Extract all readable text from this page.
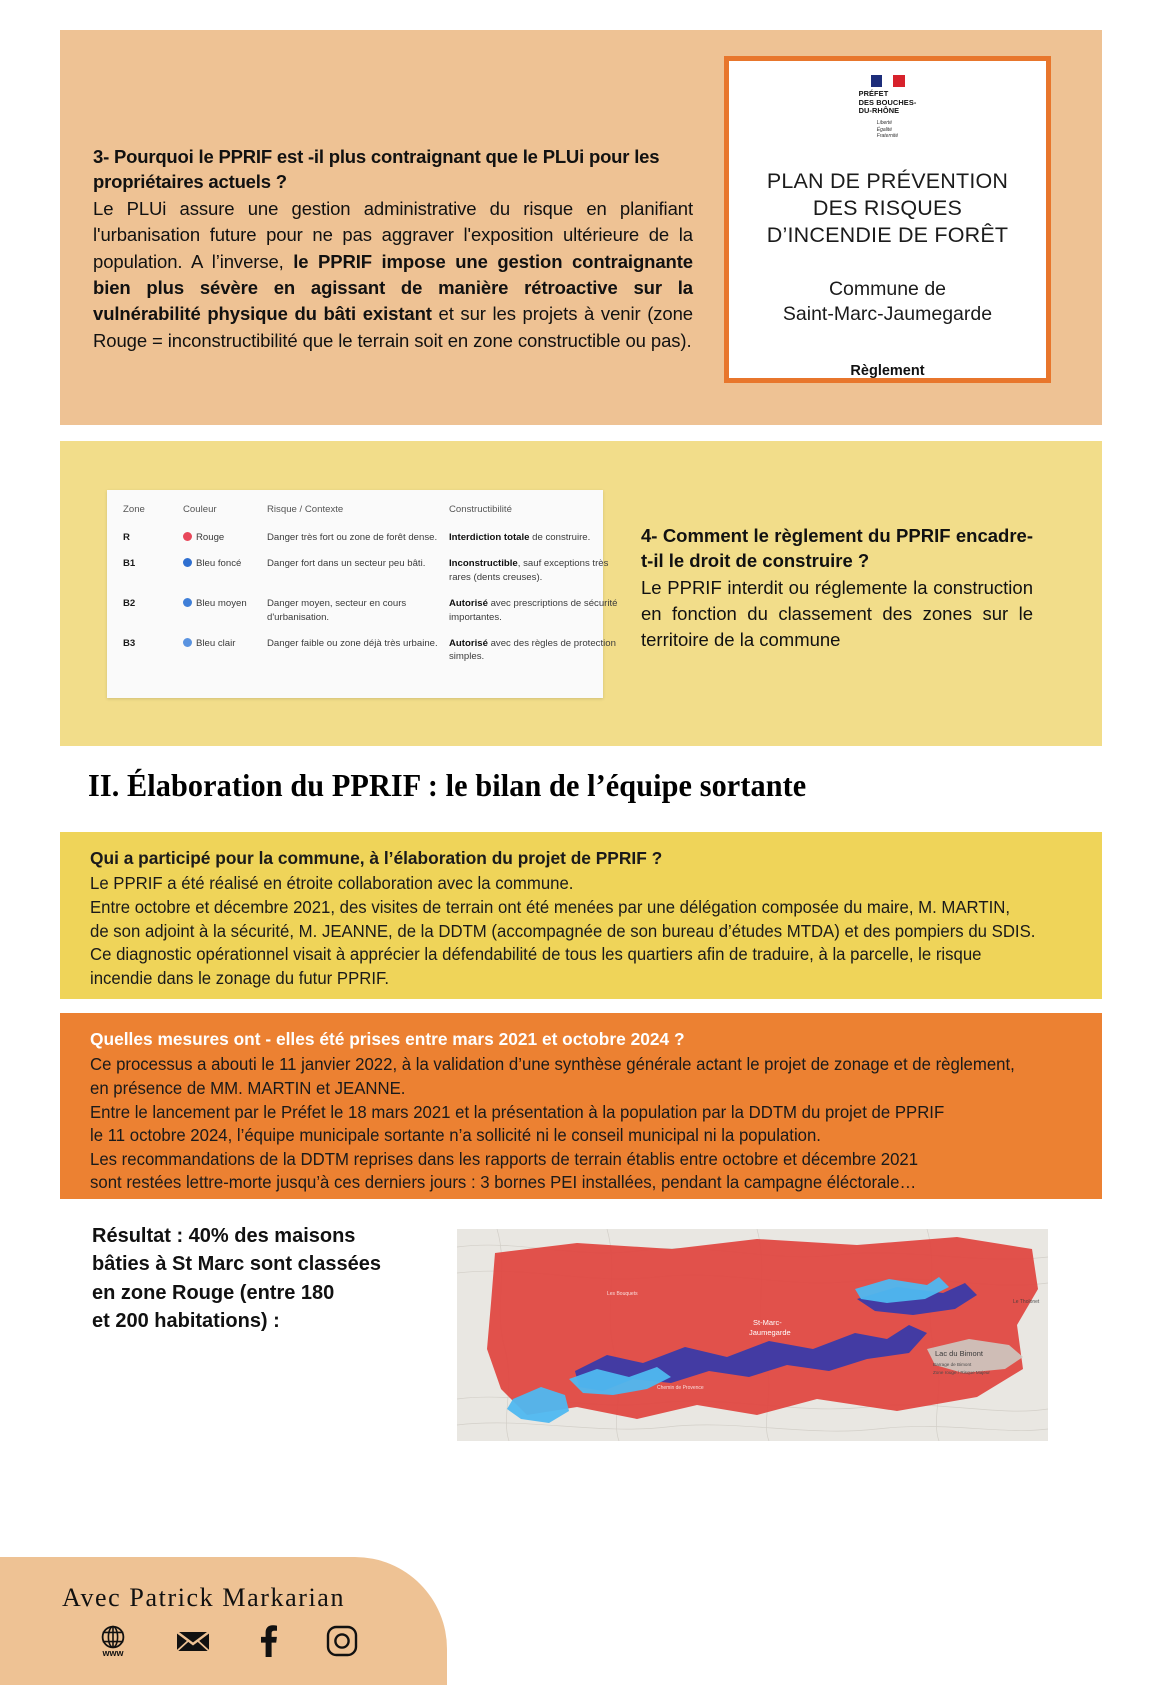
3- Pourquoi le PPRIF est -il plus contraignant que le PLUi pour les propriétaires actuels ?

Le PLUi assure une gestion administrative du risque en planifiant l'urbanisation future pour ne pas aggraver l'exposition ultérieure de la population. A l’inverse, le PPRIF impose une gestion contraignante bien plus sévère en agissant de manière rétroactive sur la vulnérabilité physique du bâti existant et sur les projets à venir (zone Rouge = inconstructibilité que le terrain soit en zone constructible ou pas).

PRÉFET
DES BOUCHES-
DU-RHÔNE

Liberté
Égalité
Fraternité
PLAN DE PRÉVENTION
DES RISQUES
D’INCENDIE DE FORÊT
Commune de
Saint-Marc-Jaumegarde
Règlement
Zone	Couleur	Risque / Contexte	Constructibilité
R	Rouge	Danger très fort ou zone de forêt dense.	Interdiction totale de construire.
B1	Bleu foncé	Danger fort dans un secteur peu bâti.	Inconstructible, sauf exceptions très rares (dents creuses).
B2	Bleu moyen	Danger moyen, secteur en cours d'urbanisation.	Autorisé avec prescriptions de sécurité importantes.
B3	Bleu clair	Danger faible ou zone déjà très urbaine.	Autorisé avec des règles de protection simples.

4- Comment le règlement du PPRIF encadre-t-il le droit de construire ?

Le PPRIF interdit ou réglemente la construction en fonction du classement des zones sur le territoire de la commune

II. Élaboration du PPRIF : le bilan de l’équipe sortante

Qui a participé pour la commune, à l’élaboration du projet de PPRIF ?

Le PPRIF a été réalisé en étroite collaboration avec la commune.

Entre octobre et décembre 2021, des visites de terrain ont été menées par une délégation composée du maire, M. MARTIN,

de son adjoint à la sécurité, M. JEANNE, de la DDTM (accompagnée de son bureau d’études MTDA) et des pompiers du SDIS.

Ce diagnostic opérationnel visait à apprécier la défendabilité de tous les quartiers afin de traduire, à la parcelle, le risque

incendie dans le zonage du futur PPRIF.

Quelles mesures ont - elles été prises entre mars 2021 et octobre 2024 ?

Ce processus a abouti le 11 janvier 2022, à la validation d’une synthèse générale actant le projet de zonage et de règlement,

en présence de MM. MARTIN et JEANNE.

Entre le lancement par le Préfet le 18 mars 2021 et la présentation à la population par la DDTM du projet de PPRIF

le 11 octobre 2024, l’équipe municipale sortante n’a sollicité ni le conseil municipal ni la population.

Les recommandations de la DDTM reprises dans les rapports de terrain établis entre octobre et décembre 2021

sont restées lettre-morte jusqu’à ces derniers jours : 3 bornes PEI installées, pendant la campagne éléctorale…

Résultat : 40% des maisons
bâties à St Marc sont classées
en zone Rouge (entre 180
et 200 habitations) :	St-Marc-
Jaumegarde
Lac du Bimont
Barrage de Bimont
Zone rouge / Risque Majeur
Les Bouquets
Chemin de Provence
Le Tholonet
Avec Patrick Markarian
www
